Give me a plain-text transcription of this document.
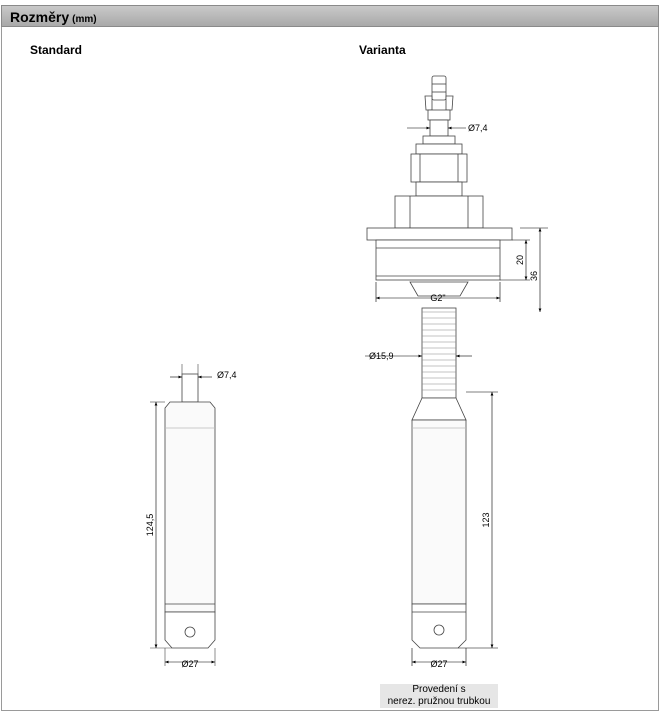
Rozměry (mm)
Standard	Varianta
Ø7,4
124,5
Ø27
Ø7,4
G2"
20
36
Ø15,9
123
Ø27
Provedení s
nerez. pružnou trubkou
